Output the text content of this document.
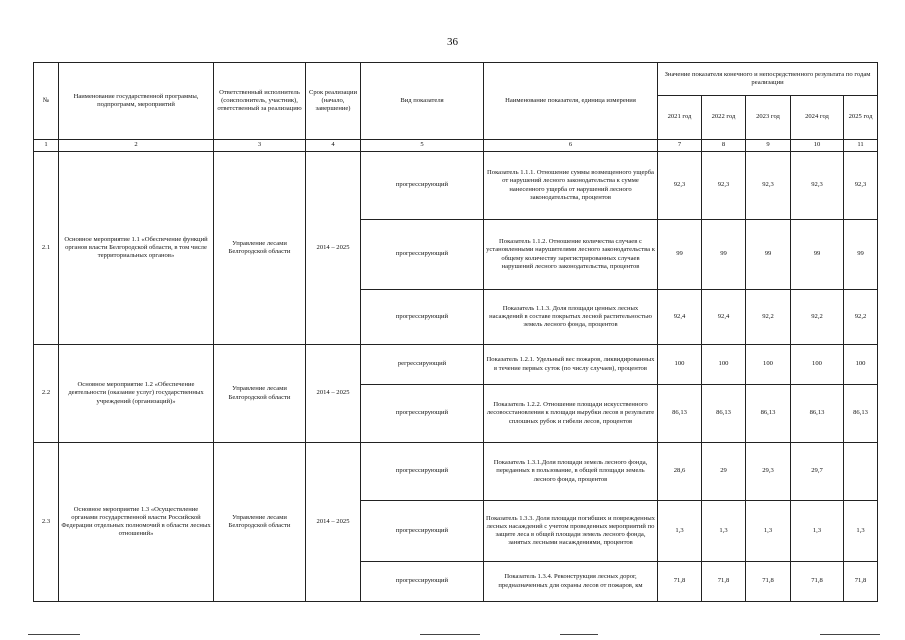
36
№	Наименование государственной программы, подпрограмм, мероприятий	Ответственный исполнитель (соисполнитель, участник), ответственный за реализацию	Срок реализации (начало, завершение)	Вид показателя	Наименование показателя, единица измерения	Значение показателя конечного и непосредственного результата по годам реализации				
						2021 год	2022 год	2023 год	2024 год	2025 год
1	2	3	4	5	6	7	8	9	10	11
2.1	Основное мероприятие 1.1 «Обеспечение функций органов власти Белгородской области, в том числе территориальных органов»	Управление лесами Белгородской области	2014 – 2025	прогрессирующий	Показатель 1.1.1. Отношение суммы возмещенного ущерба от нарушений лесного законодательства к сумме нанесенного ущерба от нарушений лесного законодательства, процентов	92,3	92,3	92,3	92,3	92,3
				прогрессирующий	Показатель 1.1.2. Отношение количества случаев с установленными нарушителями лесного законодательства к общему количеству зарегистрированных случаев нарушений лесного законодательства, процентов	99	99	99	99	99
				прогрессирующий	Показатель 1.1.3. Доля площади ценных лесных насаждений в составе покрытых лесной растительностью земель лесного фонда, процентов	92,4	92,4	92,2	92,2	92,2
2.2	Основное мероприятие 1.2 «Обеспечение деятельности (оказание услуг) государственных учреждений (организаций)»	Управление лесами Белгородской области	2014 – 2025	регрессирующий	Показатель 1.2.1. Удельный вес пожаров, ликвидированных в течение первых суток (по числу случаев), процентов	100	100	100	100	100
				прогрессирующий	Показатель 1.2.2. Отношение площади искусственного лесовосстановления к площади вырубки лесов в результате сплошных рубок и гибели лесов, процентов	86,13	86,13	86,13	86,13	86,13
2.3	Основное мероприятие 1.3 «Осуществление органами государственной власти Российской Федерации отдельных полномочий в области лесных отношений»	Управление лесами Белгородской области	2014 – 2025	прогрессирующий	Показатель 1.3.1.Доля площади земель лесного фонда, переданных в пользование, в общей площади земель лесного фонда, процентов	28,6	29	29,3	29,7	
				прогрессирующий	Показатель 1.3.3. Доля площади погибших и поврежденных лесных насаждений с учетом проведенных мероприятий по защите леса в общей площади земель лесного фонда, занятых лесными насаждениями, процентов	1,3	1,3	1,3	1,3	1,3
				прогрессирующий	Показатель 1.3.4. Реконструкция лесных дорог, предназначенных для охраны лесов от пожаров, км	71,8	71,8	71,8	71,8	71,8
